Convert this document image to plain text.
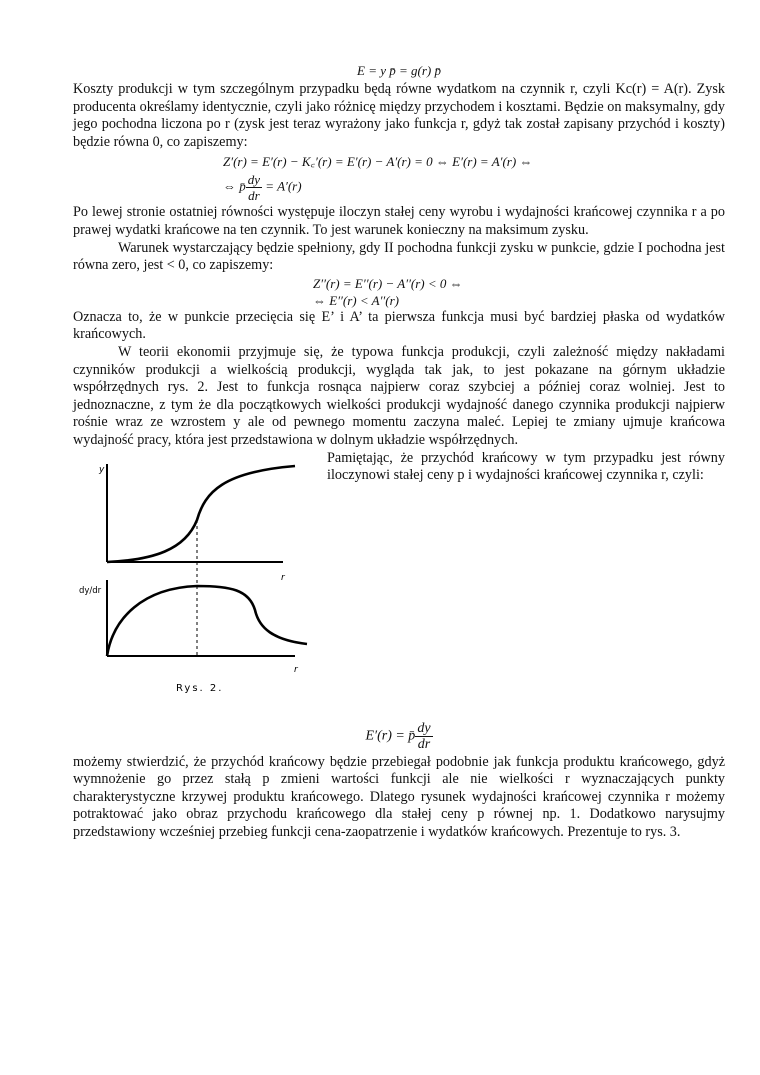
E = y p̄ = g(r) p̄

Koszty produkcji w tym szczególnym przypadku będą równe wydatkom na czynnik r, czyli Kc(r) = A(r). Zysk producenta określamy identycznie, czyli jako różnicę między przychodem i kosztami. Będzie on maksymalny, gdy jego pochodna liczona po r (zysk jest teraz wyrażony jako funkcja r, gdyż tak został zapisany przychód i koszty) będzie równa 0, co zapiszemy:

Z′(r) = E′(r) − K꜀′(r) = E′(r) − A′(r) = 0 ⇔ E′(r) = A′(r) ⇔
⇔ p̄ $\frac{dy}{dr} = A'(r)$

Po lewej stronie ostatniej równości występuje iloczyn stałej ceny wyrobu i wydajności krańcowej czynnika r a po prawej wydatki krańcowe na ten czynnik. To jest warunek konieczny na maksimum zysku.

Warunek wystarczający będzie spełniony, gdy II pochodna funkcji zysku w punkcie, gdzie I pochodna jest równa zero, jest < 0, co zapiszemy:

Z′′(r) = E′′(r) − A′′(r) < 0 ⇔
⇔ E′′(r) < A′′(r)

Oznacza to, że w punkcie przecięcia się E’ i A’ ta pierwsza funkcja musi być bardziej płaska od wydatków krańcowych.

W teorii ekonomii przyjmuje się, że typowa funkcja produkcji, czyli zależność między nakładami czynników produkcji a wielkością produkcji, wygląda tak jak, to jest pokazane na górnym układzie współrzędnych rys. 2. Jest to funkcja rosnąca najpierw coraz szybciej a później coraz wolniej. Jest to jednoznaczne, z tym że dla początkowych wielkości produkcji wydajność danego czynnika produkcji najpierw rośnie wraz ze wzrostem y ale od pewnego momentu zaczyna maleć. Lepiej te zmiany ujmuje krańcowa wydajność pracy, która jest przedstawiona w dolnym układzie współrzędnych.

y
r
dy/dr
r
Rys. 2.

Pamiętając, że przychód krańcowy w tym przypadku jest równy iloczynowi stałej ceny p i wydajności krańcowej czynnika r, czyli:

E′(r) = p̄ $\frac{dy}{dr}$

możemy stwierdzić, że przychód krańcowy będzie przebiegał podobnie jak funkcja produktu krańcowego, gdyż wymnożenie go przez stałą p zmieni wartości funkcji ale nie wielkości r wyznaczających punkty charakterystyczne krzywej produktu krańcowego. Dlatego rysunek wydajności krańcowej czynnika r możemy potraktować jako obraz przychodu krańcowego dla stałej ceny p równej np. 1. Dodatkowo narysujmy przedstawiony wcześniej przebieg funkcji cena-zaopatrzenie i wydatków krańcowych. Prezentuje to rys. 3.
